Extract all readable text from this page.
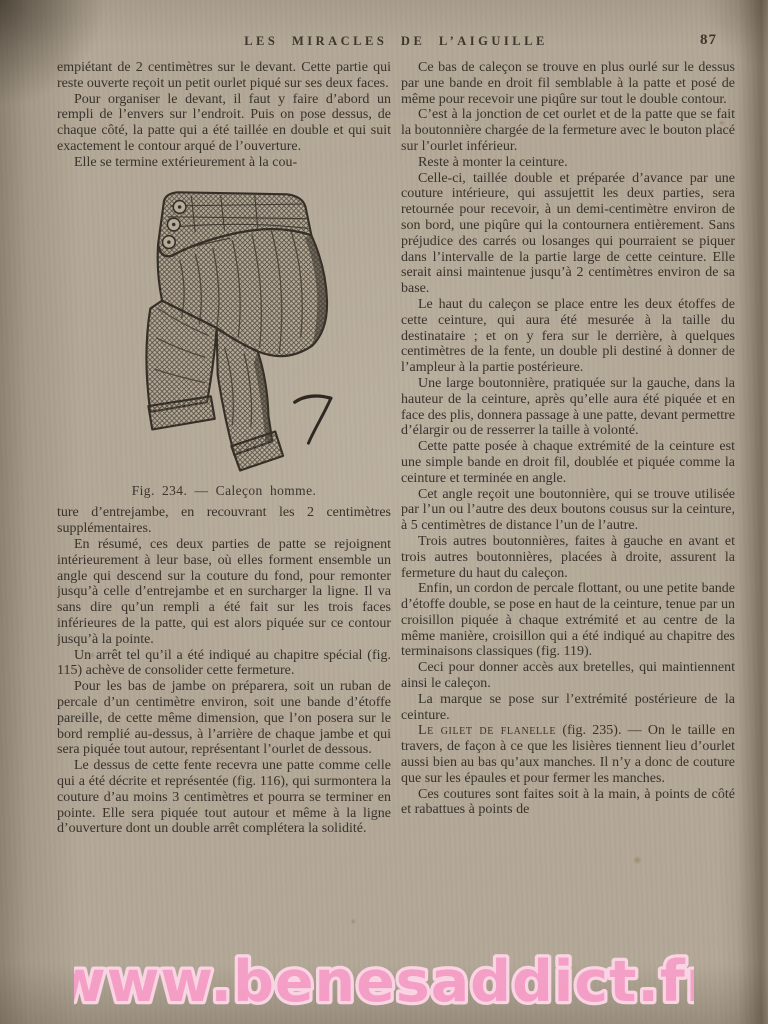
LES MIRACLES DE L’AIGUILLE	87

empiétant de 2 centimètres sur le devant. Cette partie qui reste ouverte reçoit un petit ourlet piqué sur ses deux faces.

Pour organiser le devant, il faut y faire d’abord un rempli de l’envers sur l’endroit. Puis on pose dessus, de chaque côté, la patte qui a été taillée en double et qui suit exactement le contour arqué de l’ouverture.

Elle se termine extérieurement à la cou-

Fig. 234. — Caleçon homme.

ture d’entrejambe, en recouvrant les 2 centimètres supplémentaires.

En résumé, ces deux parties de patte se rejoignent intérieurement à leur base, où elles forment ensemble un angle qui descend sur la couture du fond, pour remonter jusqu’à celle d’entrejambe et en surcharger la ligne. Il va sans dire qu’un rempli a été fait sur les trois faces inférieures de la patte, qui est alors piquée sur ce contour jusqu’à la pointe.

Un arrêt tel qu’il a été indiqué au chapitre spécial (fig. 115) achève de consolider cette fermeture.

Pour les bas de jambe on préparera, soit un ruban de percale d’un centimètre environ, soit une bande d’étoffe pareille, de cette même dimension, que l’on posera sur le bord remplié au-dessus, à l’arrière de chaque jambe et qui sera piquée tout autour, représentant l’ourlet de dessous.

Le dessus de cette fente recevra une patte comme celle qui a été décrite et représentée (fig. 116), qui surmontera la couture d’au moins 3 centimètres et pourra se terminer en pointe. Elle sera piquée tout autour et même à la ligne d’ouverture dont un double arrêt complétera la solidité.

Ce bas de caleçon se trouve en plus ourlé sur le dessus par une bande en droit fil semblable à la patte et posé de même pour recevoir une piqûre sur tout le double contour.

C’est à la jonction de cet ourlet et de la patte que se fait la boutonnière chargée de la fermeture avec le bouton placé sur l’ourlet inférieur.

Reste à monter la ceinture.

Celle-ci, taillée double et préparée d’avance par une couture intérieure, qui assujettit les deux parties, sera retournée pour recevoir, à un demi-centimètre environ de son bord, une piqûre qui la contournera entièrement. Sans préjudice des carrés ou losanges qui pourraient se piquer dans l’intervalle de la partie large de cette ceinture. Elle serait ainsi maintenue jusqu’à 2 centimètres environ de sa base.

Le haut du caleçon se place entre les deux étoffes de cette ceinture, qui aura été mesurée à la taille du destinataire ; et on y fera sur le derrière, à quelques centimètres de la fente, un double pli destiné à donner de l’ampleur à la partie postérieure.

Une large boutonnière, pratiquée sur la gauche, dans la hauteur de la ceinture, après qu’elle aura été piquée et en face des plis, donnera passage à une patte, devant permettre d’élargir ou de resserrer la taille à volonté.

Cette patte posée à chaque extrémité de la ceinture est une simple bande en droit fil, doublée et piquée comme la ceinture et terminée en angle.

Cet angle reçoit une boutonnière, qui se trouve utilisée par l’un ou l’autre des deux boutons cousus sur la ceinture, à 5 centimètres de distance l’un de l’autre.

Trois autres boutonnières, faites à gauche en avant et trois autres boutonnières, placées à droite, assurent la fermeture du haut du caleçon.

Enfin, un cordon de percale flottant, ou une petite bande d’étoffe double, se pose en haut de la ceinture, tenue par un croisillon piquée à chaque extrémité et au centre de la même manière, croisillon qui a été indiqué au chapitre des terminaisons classiques (fig. 119).

Ceci pour donner accès aux bretelles, qui maintiennent ainsi le caleçon.

La marque se pose sur l’extrémité postérieure de la ceinture.

Le gilet de flanelle (fig. 235). — On le taille en travers, de façon à ce que les lisières tiennent lieu d’ourlet aussi bien au bas qu’aux manches. Il n’y a donc de couture que sur les épaules et pour fermer les manches.

Ces coutures sont faites soit à la main, à points de côté et rabattues à points de

www.benesaddict.fr
